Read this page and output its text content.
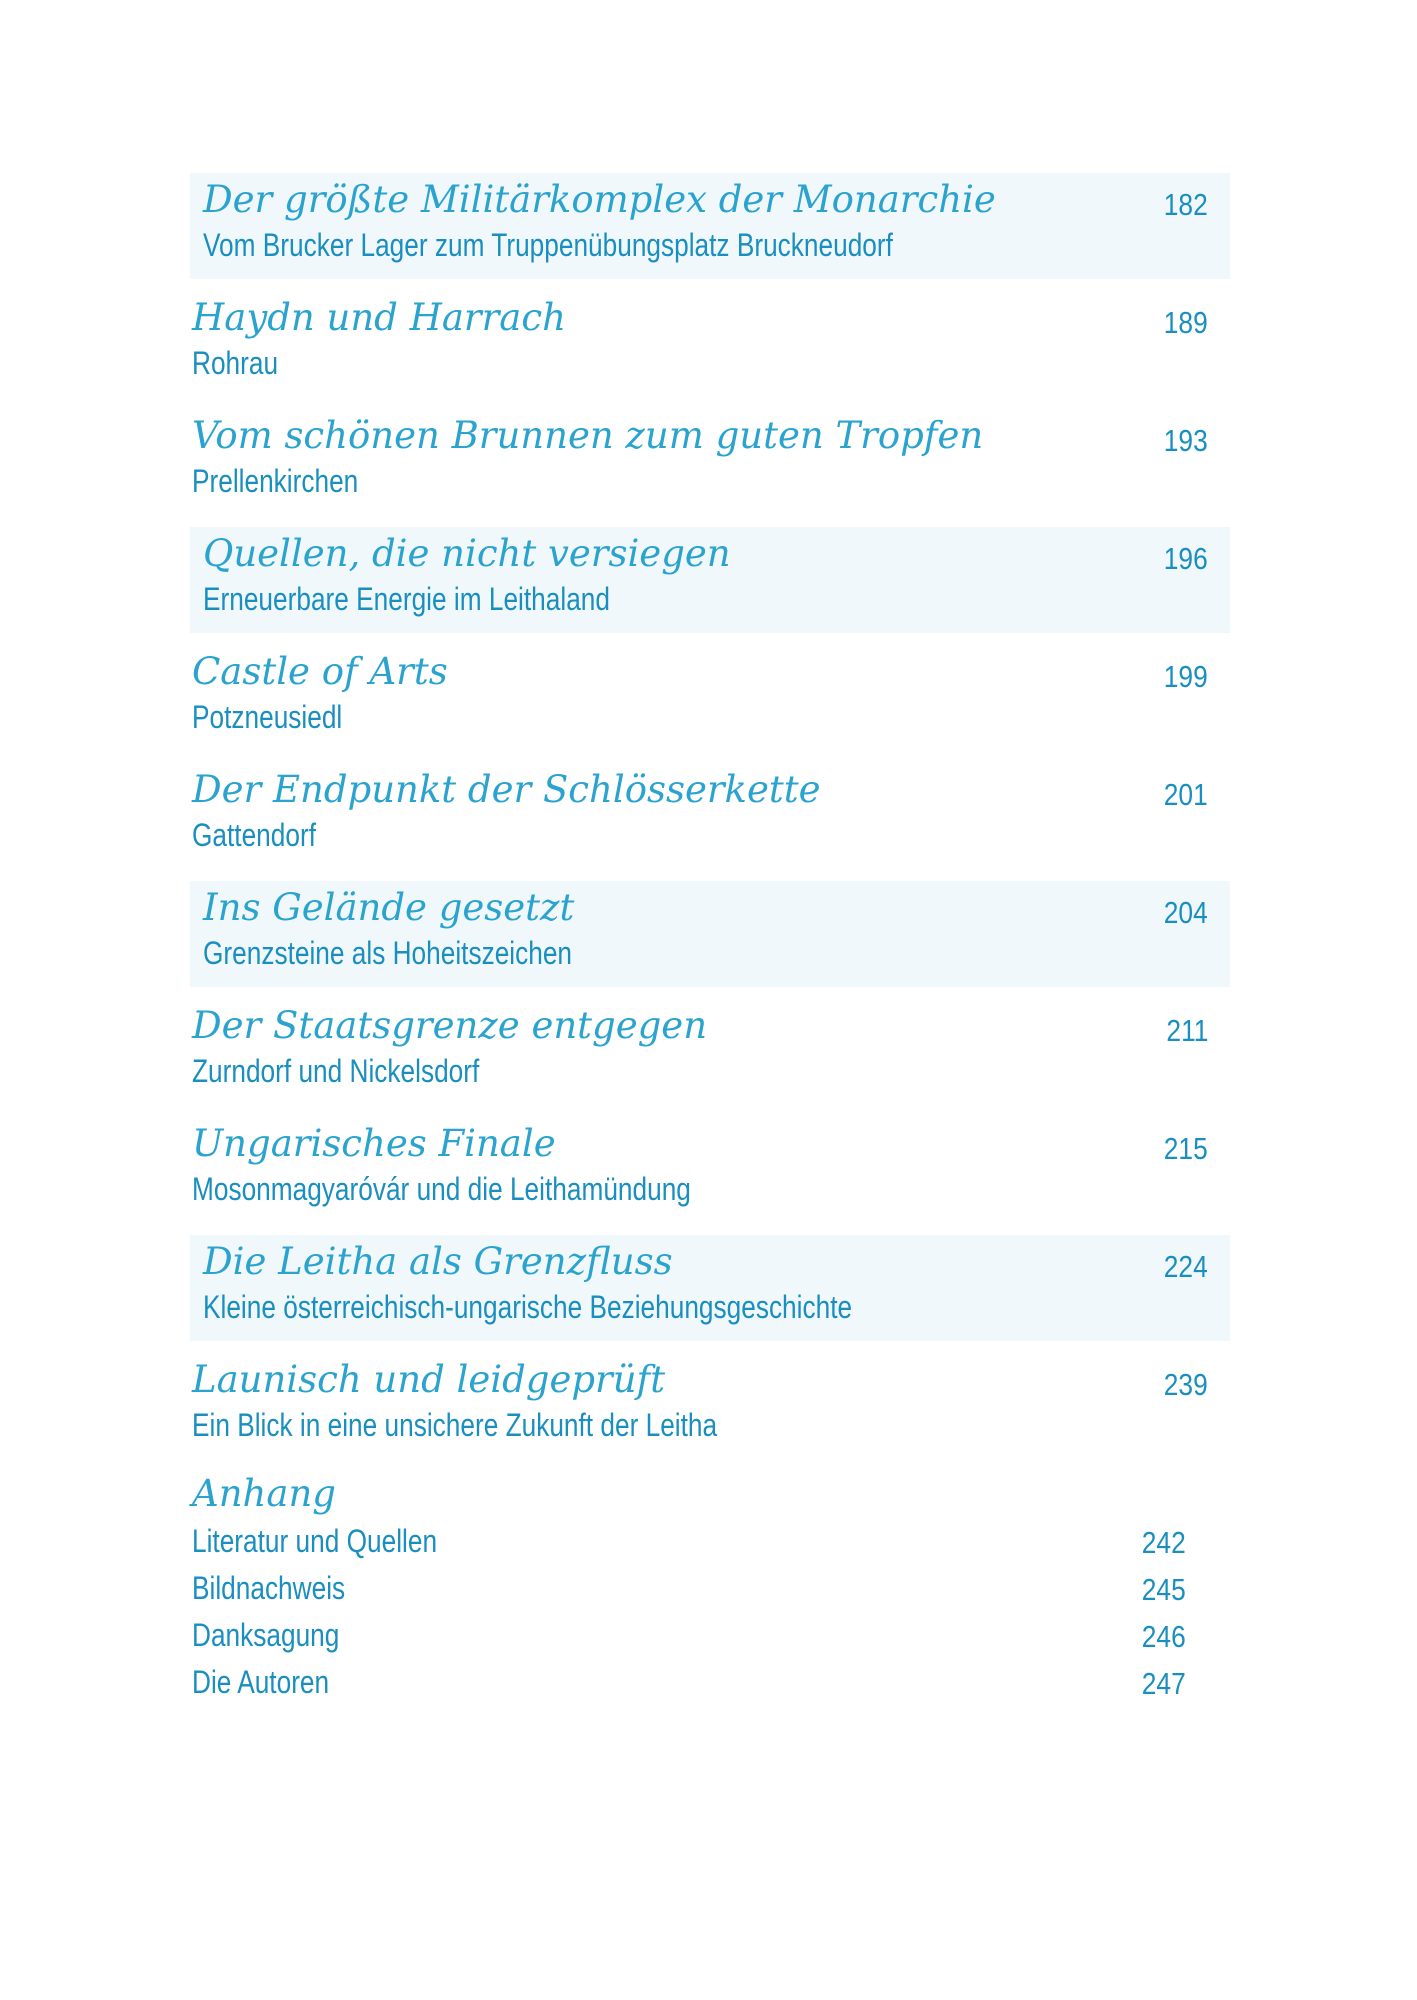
Der größte Militärkomplex der Monarchie
Vom Brucker Lager zum Truppenübungsplatz Bruckneudorf
182
Haydn und Harrach
Rohrau
189
Vom schönen Brunnen zum guten Tropfen
Prellenkirchen
193
Quellen, die nicht versiegen
Erneuerbare Energie im Leithaland
196
Castle of Arts
Potzneusiedl
199
Der Endpunkt der Schlösserkette
Gattendorf
201
Ins Gelände gesetzt
Grenzsteine als Hoheitszeichen
204
Der Staatsgrenze entgegen
Zurndorf und Nickelsdorf
211
Ungarisches Finale
Mosonmagyaróvár und die Leithamündung
215
Die Leitha als Grenzfluss
Kleine österreichisch-ungarische Beziehungsgeschichte
224
Launisch und leidgeprüft
Ein Blick in eine unsichere Zukunft der Leitha
239
Anhang
Literatur und Quellen	242
Bildnachweis	245
Danksagung	246
Die Autoren	247
